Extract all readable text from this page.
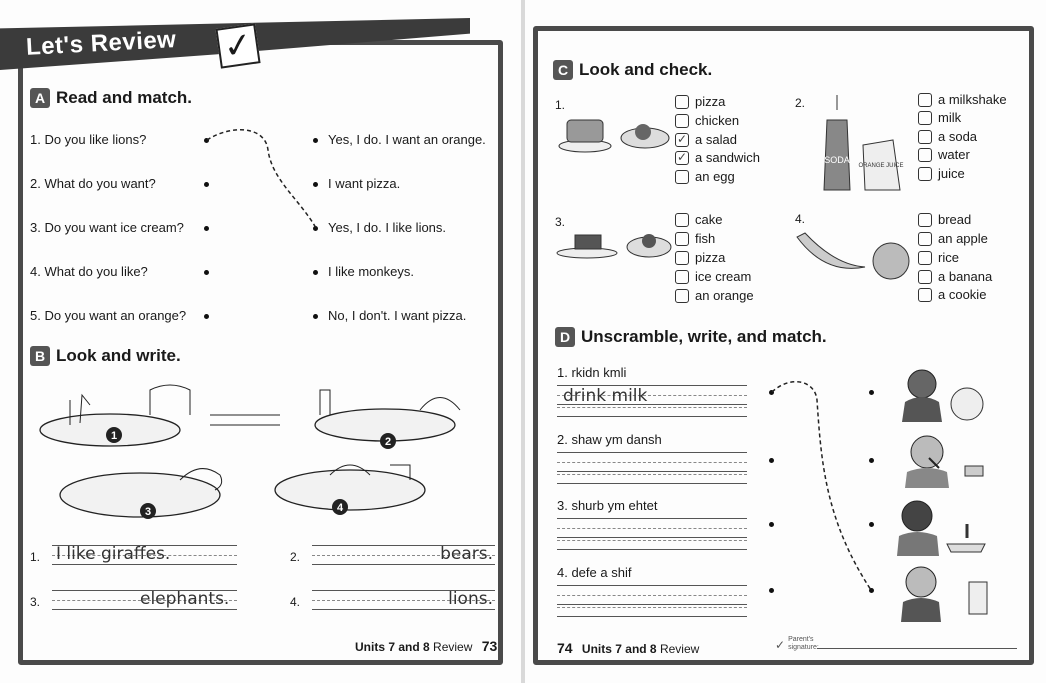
Let's Review ✓
A Read and match.
1. Do you like lions?
2. What do you want?
3. Do you want ice cream?
4. What do you like?
5. Do you want an orange?
Yes, I do. I want an orange.
I want pizza.
Yes, I do. I like lions.
I like monkeys.
No, I don't. I want pizza.
B Look and write.
1	2
3	4
1. I like giraffes.	2.	bears.
3.	elephants.	4.	lions.
Units 7 and 8 Review 73
C Look and check.
1.	pizza
chicken
✓ a salad
✓ a sandwich
an egg
2.
SODA
ORANGE JUICE
a milkshake
milk
a soda
water
juice
3.	cake
fish
pizza
ice cream
an orange
4.	bread
an apple
rice
a banana
a cookie
D Unscramble, write, and match.
1. rkidn kmli
drink milk
2. shaw ym dansh
3. shurb ym ehtet
4. defe a shif
74 Units 7 and 8 Review	✓ Parent's signature:
